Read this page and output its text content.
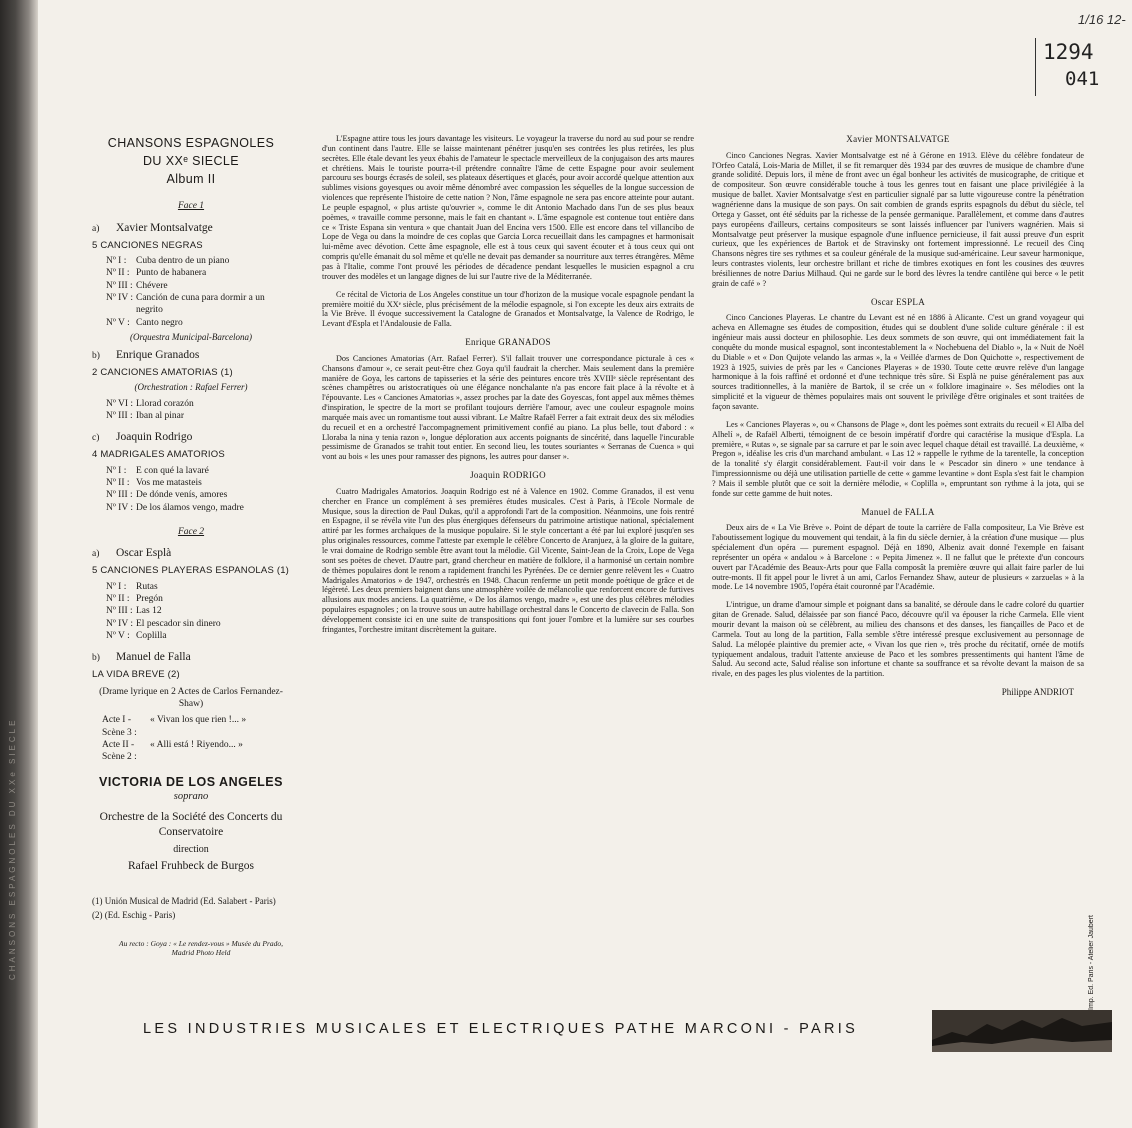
CHANSONS ESPAGNOLES DU XXe SIECLE
1/16 12-
1294
041
CHANSONS ESPAGNOLES
DU XXᵉ SIECLE
Album II
Face 1
a) Xavier Montsalvatge
5 CANCIONES NEGRAS
Nº I :	Cuba dentro de un piano
Nº II : Punto de habanera
Nº III : Chévere
Nº IV : Canción de cuna para dormir a un negrito
Nº V : Canto negro
(Orquestra Municipal-Barcelona)
b) Enrique Granados
2 CANCIONES AMATORIAS (1)
(Orchestration : Rafael Ferrer)
Nº VI : Llorad corazón
Nº III : Iban al pinar
c) Joaquin Rodrigo
4 MADRIGALES AMATORIOS
Nº I :	E con qué la lavaré
Nº II : Vos me matasteis
Nº III : De dónde venís, amores
Nº IV : De los álamos vengo, madre
Face 2
a) Oscar Esplà
5 CANCIONES PLAYERAS ESPANOLAS (1)
Nº I :	Rutas
Nº II : Pregón
Nº III : Las 12
Nº IV : El pescador sin dinero
Nº V : Coplilla
b) Manuel de Falla
LA VIDA BREVE (2)
(Drame lyrique en 2 Actes de Carlos Fernandez-Shaw)
Acte I - Scène 3 :
« Vivan los que rien !... »
Acte II - Scène 2 :
« Alli está ! Riyendo... »
VICTORIA DE LOS ANGELES
soprano
Orchestre de la Société des Concerts du Conservatoire
direction
Rafael Fruhbeck de Burgos
(1) Unión Musical de Madrid (Ed. Salabert - Paris)
(2) (Ed. Eschig - Paris)
Au recto : Goya : « Le rendez-vous » Musée du Prado, Madrid Photo Held

L'Espagne attire tous les jours davantage les visiteurs. Le voyageur la traverse du nord au sud pour se rendre d'un continent dans l'autre. Elle se laisse maintenant pénétrer jusqu'en ses contrées les plus retirées, les plus secrètes. Elle étale devant les yeux ébahis de l'amateur le spectacle merveilleux de la conjugaison des arts maures et chrétiens. Mais le touriste pourra-t-il prétendre connaître l'âme de cette Espagne pour avoir seulement parcouru ses bourgs écrasés de soleil, ses plateaux désertiques et glacés, pour avoir accordé quelque attention aux sublimes visions goyesques ou avoir même dénombré avec compassion les séquelles de la longue succession de violences que représente l'histoire de cette nation ? Non, l'âme espagnole ne sera pas encore atteinte pour autant. Le peuple espagnol, « plus artiste qu'ouvrier », comme le dit Antonio Machado dans l'un de ses plus beaux poèmes, « travaille comme personne, mais le fait en chantant ». L'âme espagnole est contenue tout entière dans ce « Triste Espana sin ventura » que chantait Juan del Encina vers 1500. Elle est encore dans tel villancibo de Lope de Vega ou dans la moindre de ces coplas que Garcia Lorca recueillait dans les campagnes et harmonisait lui-même avec dévotion. Cette âme espagnole, elle est à tous ceux qui savent écouter et à tous ceux qui ont compris qu'elle émanait du sol même et qu'elle ne devait pas demander sa nourriture aux terres étrangères. Même pas à l'Italie, comme l'ont prouvé les périodes de décadence pendant lesquelles le musicien espagnol a cru trouver des modèles et un langage dignes de lui sur l'autre rive de la Méditerranée.

Ce récital de Victoria de Los Angeles constitue un tour d'horizon de la musique vocale espagnole pendant la première moitié du XXᵉ siècle, plus précisément de la mélodie espagnole, si l'on excepte les deux airs extraits de la Vie Brève. Il évoque successivement la Catalogne de Granados et Montsalvatge, la Valence de Rodrigo, le Levant d'Espla et l'Andalousie de Falla.

Enrique GRANADOS

Dos Canciones Amatorias (Arr. Rafael Ferrer). S'il fallait trouver une correspondance picturale à ces « Chansons d'amour », ce serait peut-être chez Goya qu'il faudrait la chercher. Mais seulement dans la première manière de Goya, les cartons de tapisseries et la série des peintures encore très XVIIIᵉ siècle représentant des scènes champêtres ou aristocratiques où une élégance nonchalante n'a pas encore fait place à la révolte et à l'épouvante. Les « Canciones Amatorias », assez proches par la date des Goyescas, font appel aux mêmes thèmes d'inspiration, le spectre de la mort se profilant toujours derrière l'amour, avec une couleur espagnole moins marquée mais avec un romantisme tout aussi vibrant. Le Maître Rafaël Ferrer a fait extrait deux des six mélodies du recueil et en a orchestré l'accompagnement primitivement confié au piano. La plus belle, tout d'abord : « Lloraba la nina y tenia razon », longue déploration aux accents poignants de sincérité, dans laquelle l'incurable pessimisme de Granados se trahit tout entier. En second lieu, les toutes souriantes « Serranas de Cuenca » qui vont au bois « les unes pour ramasser des pignons, les autres pour danser ».

Joaquin RODRIGO

Cuatro Madrigales Amatorios. Joaquin Rodrigo est né à Valence en 1902. Comme Granados, il est venu chercher en France un complément à ses premières études musicales. C'est à Paris, à l'Ecole Normale de Musique, sous la direction de Paul Dukas, qu'il a approfondi l'art de la composition. Néanmoins, une fois rentré en Espagne, il se révéla vite l'un des plus énergiques défenseurs du patrimoine artistique national, spécialement attiré par les formes archaïques de la musique populaire. Si le style concertant a été par lui exploré jusqu'en ses plus originales ressources, comme l'atteste par exemple le célèbre Concerto de Aranjuez, à la gloire de la guitare, le vrai domaine de Rodrigo semble être avant tout la mélodie. Gil Vicente, Saint-Jean de la Croix, Lope de Vega sont ses poètes de chevet. D'autre part, grand chercheur en matière de folklore, il a harmonisé un certain nombre de thèmes populaires dont le renom a rapidement franchi les Pyrénées. De ce dernier genre relèvent les « Cuatro Madrigales Amatorios » de 1947, orchestrés en 1948. Chacun renferme un petit monde poétique de grâce et de légèreté. Les deux premiers baignent dans une atmosphère voilée de mélancolie que renforcent encore de furtives allusions aux modes anciens. La quatrième, « De los álamos vengo, madre », est une des plus célèbres mélodies populaires espagnoles ; on la trouve sous un autre habillage orchestral dans le Concerto de clavecin de Falla. Son développement consiste ici en une suite de transpositions qui font jouer l'ombre et la lumière sur ses courbes fringantes, l'orchestre imitant discrètement la guitare.

Xavier MONTSALVATGE

Cinco Canciones Negras. Xavier Montsalvatge est né à Gérone en 1913. Elève du célèbre fondateur de l'Orfeo Catalá, Lois-Maria de Millet, il se fit remarquer dès 1934 par des œuvres de musique de chambre d'une grande solidité. Depuis lors, il mène de front avec un égal bonheur les activités de musicographe, de critique et de compositeur. Son œuvre considérable touche à tous les genres tout en faisant une place privilégiée à la musique de ballet. Xavier Montsalvatge s'est en particulier signalé par sa lutte vigoureuse contre la pénétration wagnérienne dans la musique de son pays. On sait combien de grands esprits espagnols du début du siècle, tel Ortega y Gasset, ont été séduits par la richesse de la pensée germanique. Parallèlement, et comme dans d'autres pays européens d'ailleurs, certains compositeurs se sont laissés influencer par l'univers wagnérien. Mais si Montsalvatge peut préserver la musique espagnole d'une influence pernicieuse, il fait aussi preuve d'un esprit curieux, que les expériences de Bartok et de Stravinsky ont fortement impressionné. Le recueil des Cinq Chansons nègres tire ses rythmes et sa couleur générale de la musique sud-américaine. Leur saveur harmonique, leurs contrastes violents, leur orchestre brillant et riche de timbres exotiques en font les cousines des œuvres brésiliennes de notre Darius Milhaud. Qui ne garde sur le bord des lèvres la tendre cantilène qui berce « le petit grain de café » ?

Oscar ESPLA

Cinco Canciones Playeras. Le chantre du Levant est né en 1886 à Alicante. C'est un grand voyageur qui acheva en Allemagne ses études de composition, études qui se doublent d'une solide culture générale : il est ingénieur mais aussi docteur en philosophie. Les deux sommets de son œuvre, qui ont immédiatement fait la conquête du monde musical espagnol, sont incontestablement la « Nochebuena del Diablo », la « Nuit de Noël du Diable » et « Don Quijote velando las armas », la « Veillée d'armes de Don Quichotte », respectivement de 1923 à 1925, suivies de près par les « Canciones Playeras » de 1930. Toute cette œuvre relève d'un langage harmonique à la fois raffiné et ordonné et d'une technique très sûre. Si Esplà ne puise généralement pas aux sources traditionnelles, à la manière de Bartok, il se crée un « folklore imaginaire ». Ses mélodies ont la simplicité et la vigueur de thèmes populaires mais ont souvent le privilège d'être originales et sont traitées de façon savante.

Les « Canciones Playeras », ou « Chansons de Plage », dont les poèmes sont extraits du recueil « El Alba del Alhelí », de Rafaël Alberti, témoignent de ce besoin impératif d'ordre qui caractérise la musique d'Espla. La première, « Rutas », se signale par sa carrure et par le soin avec lequel chaque détail est travaillé. La deuxième, « Pregon », idéalise les cris d'un marchand ambulant. « Las 12 » rappelle le rythme de la tarentelle, la conception de la tonalité s'y élargit considérablement. Faut-il voir dans le « Pescador sin dinero » une tendance à l'impressionnisme ou déjà une utilisation partielle de cette « gamme levantine » dont Espla s'est fait le champion ? Mais il semble plutôt que ce soit la dernière mélodie, « Coplilla », empruntant son rythme à la jota, qui se fonde sur cette gamme de huit notes.

Manuel de FALLA

Deux airs de « La Vie Brève ». Point de départ de toute la carrière de Falla compositeur, La Vie Brève est l'aboutissement logique du mouvement qui tendait, à la fin du siècle dernier, à la création d'une musique — plus spécialement d'un opéra — purement espagnol. Déjà en 1890, Albeniz avait donné l'exemple en faisant représenter un opéra « andalou » à Barcelone : « Pepita Jimenez ». Il ne fallut que le prétexte d'un concours ouvert par l'Académie des Beaux-Arts pour que Falla composât la première œuvre qui allait faire parler de lui outre-monts. Il fit appel pour le livret à un ami, Carlos Fernandez Shaw, auteur de plusieurs « zarzuelas » à la mode. Le 14 novembre 1905, l'opéra était couronné par l'Académie.

L'intrigue, un drame d'amour simple et poignant dans sa banalité, se déroule dans le cadre coloré du quartier gitan de Grenade. Salud, délaissée par son fiancé Paco, découvre qu'il va épouser la riche Carmela. Elle vient mourir devant la maison où se célèbrent, au milieu des chansons et des danses, les fiançailles de Paco et de Carmela. Tout au long de la partition, Falla semble s'être intéressé presque exclusivement au personnage de Salud. La mélopée plaintive du premier acte, « Vivan los que rien », très proche du récitatif, ornée de motifs typiquement andalous, traduit l'attente anxieuse de Paco et les sombres pressentiments qui hantent l'âme de Salud. Au second acte, Salud réalise son infortune et chante sa souffrance et sa révolte devant la maison de sa rivale, en des pages les plus violentes de la partition.

Philippe ANDRIOT
Imp. Ed. Paris - Atelier Jaubert
LES INDUSTRIES MUSICALES ET ELECTRIQUES PATHE MARCONI - PARIS
